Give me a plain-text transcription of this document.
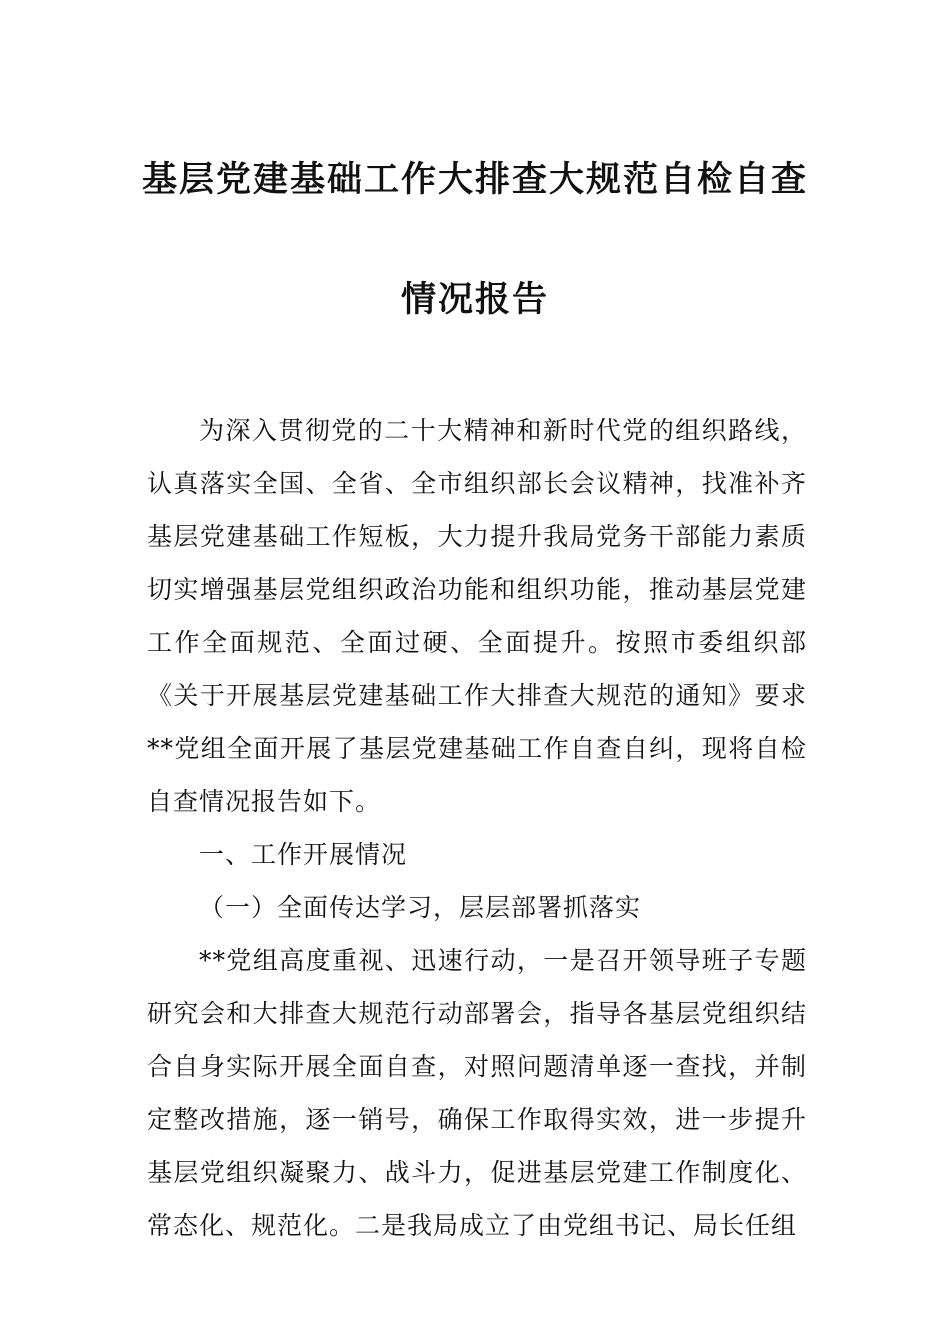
基层党建基础工作大排查大规范自检自查
情况报告

为深入贯彻党的二十大精神和新时代党的组织路线，认真落实全国、全省、全市组织部长会议精神，找准补齐基层党建基础工作短板，大力提升我局党务干部能力素质切实增强基层党组织政治功能和组织功能，推动基层党建工作全面规范、全面过硬、全面提升。按照市委组织部《关于开展基层党建基础工作大排查大规范的通知》要求**党组全面开展了基层党建基础工作自查自纠，现将自检自查情况报告如下。

一、工作开展情况

（一）全面传达学习，层层部署抓落实

**党组高度重视、迅速行动，一是召开领导班子专题研究会和大排查大规范行动部署会，指导各基层党组织结合自身实际开展全面自查，对照问题清单逐一查找，并制定整改措施，逐一销号，确保工作取得实效，进一步提升基层党组织凝聚力、战斗力，促进基层党建工作制度化、常态化、规范化。二是我局成立了由党组书记、局长任组
